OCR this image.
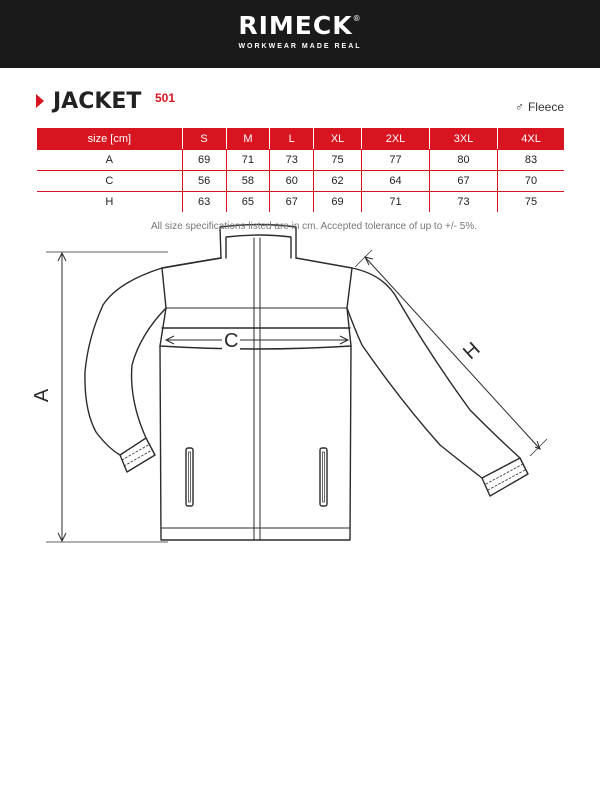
RIMECK®
WORKWEAR MADE REAL
JACKET 501
♂ Fleece
size [cm]	S	M	L	XL	2XL	3XL	4XL
A	69	71	73	75	77	80	83
C	56	58	60	62	64	67	70
H	63	65	67	69	71	73	75
A
C	H
All size specifications listed are in cm. Accepted tolerance of up to +/- 5%.
